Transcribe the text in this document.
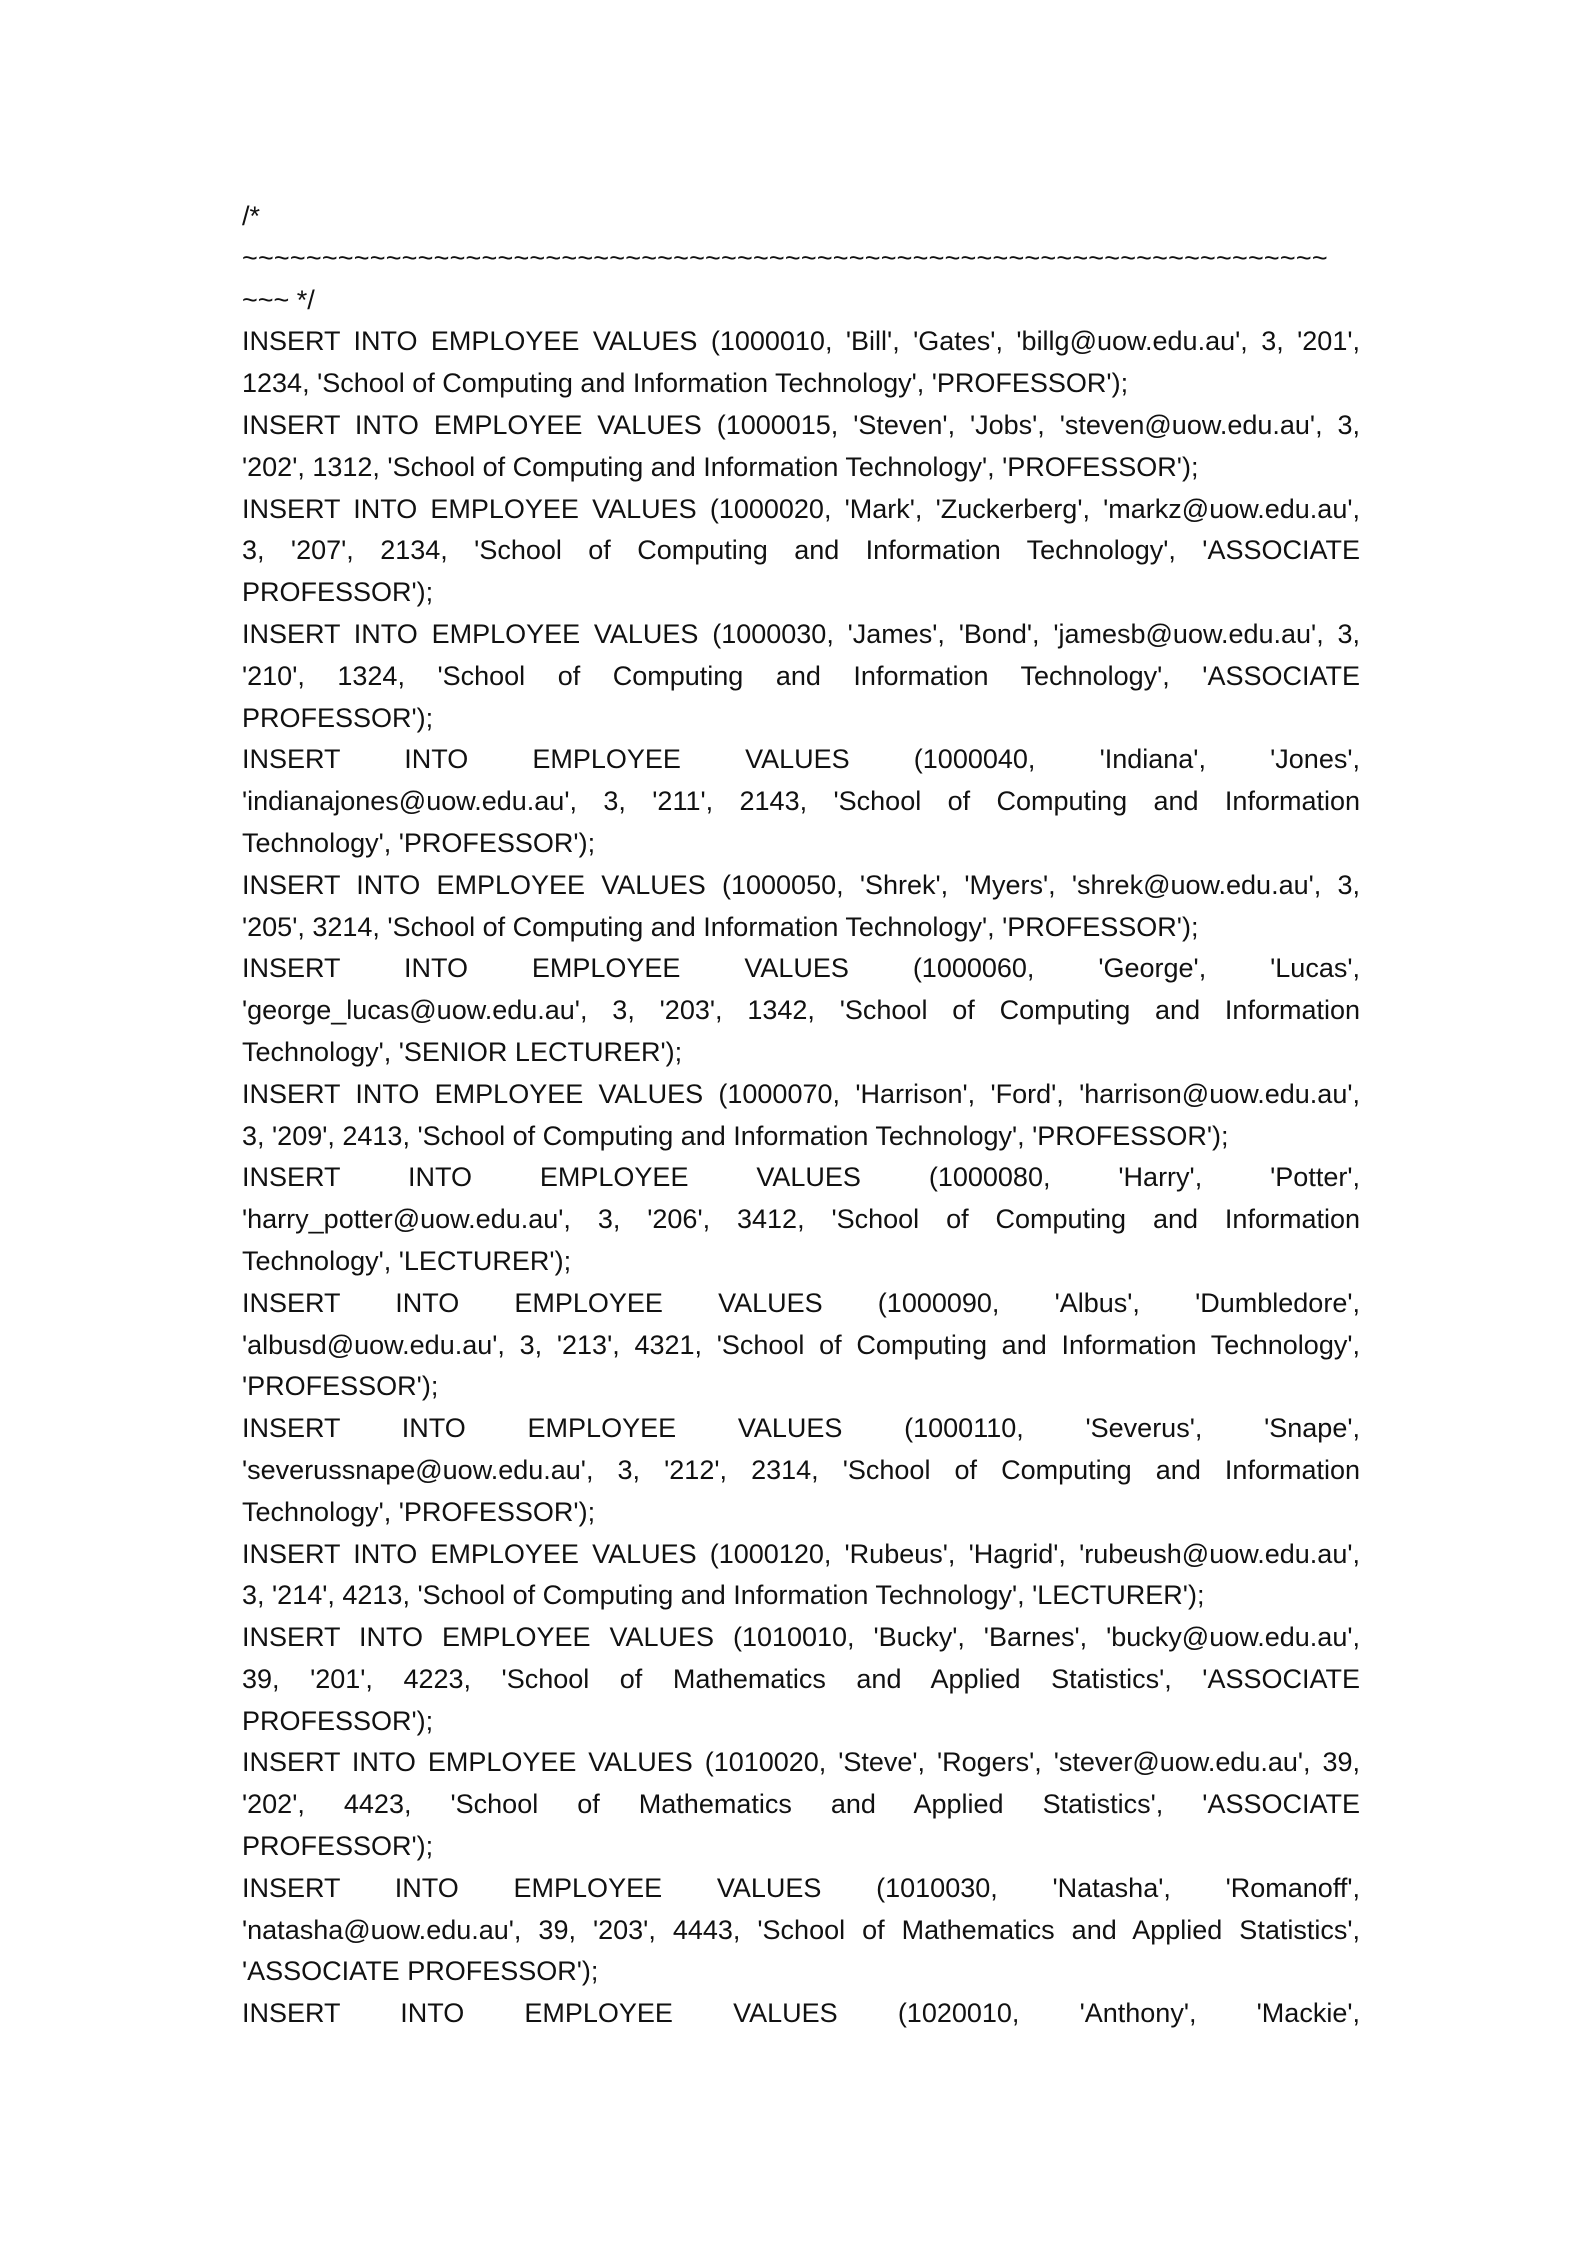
/*
~~~~~~~~~~~~~~~~~~~~~~~~~~~~~~~~~~~~~~~~~~~~~~~~~~~~~~~~~~~~~~~~~~~~
~~~ */
INSERT INTO EMPLOYEE VALUES (1000010, 'Bill', 'Gates', 'billg@uow.edu.au', 3, '201',
1234, 'School of Computing and Information Technology', 'PROFESSOR');
INSERT INTO EMPLOYEE VALUES (1000015, 'Steven', 'Jobs', 'steven@uow.edu.au', 3,
'202', 1312, 'School of Computing and Information Technology', 'PROFESSOR');
INSERT INTO EMPLOYEE VALUES (1000020, 'Mark', 'Zuckerberg', 'markz@uow.edu.au',
3, '207', 2134, 'School of Computing and Information Technology', 'ASSOCIATE
PROFESSOR');
INSERT INTO EMPLOYEE VALUES (1000030, 'James', 'Bond', 'jamesb@uow.edu.au', 3,
'210', 1324, 'School of Computing and Information Technology', 'ASSOCIATE
PROFESSOR');
INSERT INTO EMPLOYEE VALUES (1000040, 'Indiana', 'Jones',
'indianajones@uow.edu.au', 3, '211', 2143, 'School of Computing and Information
Technology', 'PROFESSOR');
INSERT INTO EMPLOYEE VALUES (1000050, 'Shrek', 'Myers', 'shrek@uow.edu.au', 3,
'205', 3214, 'School of Computing and Information Technology', 'PROFESSOR');
INSERT INTO EMPLOYEE VALUES (1000060, 'George', 'Lucas',
'george_lucas@uow.edu.au', 3, '203', 1342, 'School of Computing and Information
Technology', 'SENIOR LECTURER');
INSERT INTO EMPLOYEE VALUES (1000070, 'Harrison', 'Ford', 'harrison@uow.edu.au',
3, '209', 2413, 'School of Computing and Information Technology', 'PROFESSOR');
INSERT INTO EMPLOYEE VALUES (1000080, 'Harry', 'Potter',
'harry_potter@uow.edu.au', 3, '206', 3412, 'School of Computing and Information
Technology', 'LECTURER');
INSERT INTO EMPLOYEE VALUES (1000090, 'Albus', 'Dumbledore',
'albusd@uow.edu.au', 3, '213', 4321, 'School of Computing and Information Technology',
'PROFESSOR');
INSERT INTO EMPLOYEE VALUES (1000110, 'Severus', 'Snape',
'severussnape@uow.edu.au', 3, '212', 2314, 'School of Computing and Information
Technology', 'PROFESSOR');
INSERT INTO EMPLOYEE VALUES (1000120, 'Rubeus', 'Hagrid', 'rubeush@uow.edu.au',
3, '214', 4213, 'School of Computing and Information Technology', 'LECTURER');
INSERT INTO EMPLOYEE VALUES (1010010, 'Bucky', 'Barnes', 'bucky@uow.edu.au',
39, '201', 4223, 'School of Mathematics and Applied Statistics', 'ASSOCIATE
PROFESSOR');
INSERT INTO EMPLOYEE VALUES (1010020, 'Steve', 'Rogers', 'stever@uow.edu.au', 39,
'202', 4423, 'School of Mathematics and Applied Statistics', 'ASSOCIATE
PROFESSOR');
INSERT INTO EMPLOYEE VALUES (1010030, 'Natasha', 'Romanoff',
'natasha@uow.edu.au', 39, '203', 4443, 'School of Mathematics and Applied Statistics',
'ASSOCIATE PROFESSOR');
INSERT INTO EMPLOYEE VALUES (1020010, 'Anthony', 'Mackie',
